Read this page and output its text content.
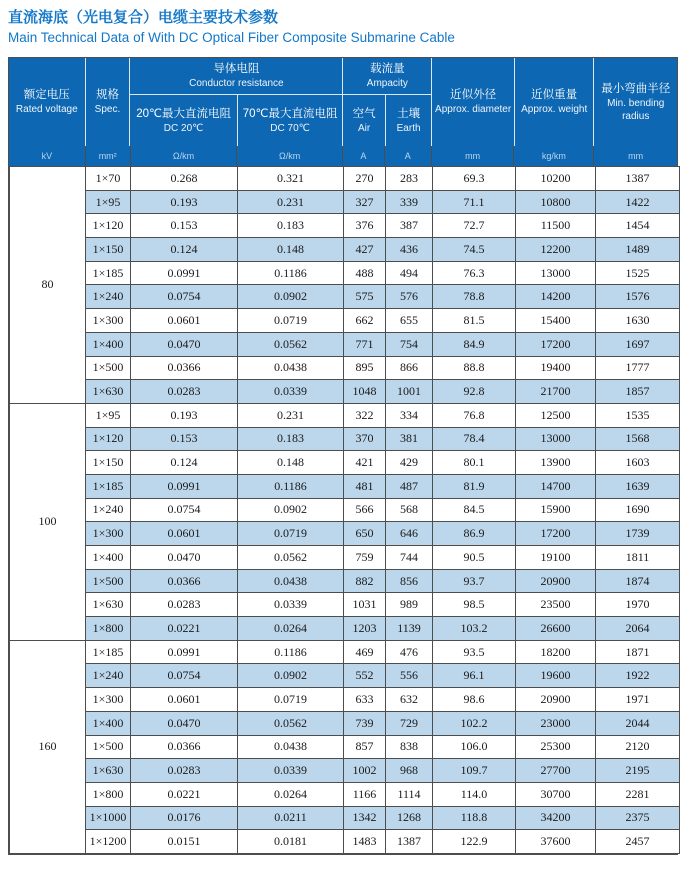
直流海底（光电复合）电缆主要技术参数
Main Technical Data of With DC Optical Fiber Composite Submarine Cable
额定电压
Rated voltage
规格
Spec.
导体电阻
Conductor resistance
20℃最大直流电阻
DC 20℃
70℃最大直流电阻
DC 70℃
载流量
Ampacity
空气
Air
土壤
Earth
近似外径
Approx. diameter
近似重量
Approx. weight
最小弯曲半径
Min. bending radius
kV	mm²	Ω/km	Ω/km	A	A	mm	kg/km	mm
80	1×70	0.268	0.321	270	283	69.3	10200	1387
	1×95	0.193	0.231	327	339	71.1	10800	1422
	1×120	0.153	0.183	376	387	72.7	11500	1454
	1×150	0.124	0.148	427	436	74.5	12200	1489
	1×185	0.0991	0.1186	488	494	76.3	13000	1525
	1×240	0.0754	0.0902	575	576	78.8	14200	1576
	1×300	0.0601	0.0719	662	655	81.5	15400	1630
	1×400	0.0470	0.0562	771	754	84.9	17200	1697
	1×500	0.0366	0.0438	895	866	88.8	19400	1777
	1×630	0.0283	0.0339	1048	1001	92.8	21700	1857
100	1×95	0.193	0.231	322	334	76.8	12500	1535
	1×120	0.153	0.183	370	381	78.4	13000	1568
	1×150	0.124	0.148	421	429	80.1	13900	1603
	1×185	0.0991	0.1186	481	487	81.9	14700	1639
	1×240	0.0754	0.0902	566	568	84.5	15900	1690
	1×300	0.0601	0.0719	650	646	86.9	17200	1739
	1×400	0.0470	0.0562	759	744	90.5	19100	1811
	1×500	0.0366	0.0438	882	856	93.7	20900	1874
	1×630	0.0283	0.0339	1031	989	98.5	23500	1970
	1×800	0.0221	0.0264	1203	1139	103.2	26600	2064
160	1×185	0.0991	0.1186	469	476	93.5	18200	1871
	1×240	0.0754	0.0902	552	556	96.1	19600	1922
	1×300	0.0601	0.0719	633	632	98.6	20900	1971
	1×400	0.0470	0.0562	739	729	102.2	23000	2044
	1×500	0.0366	0.0438	857	838	106.0	25300	2120
	1×630	0.0283	0.0339	1002	968	109.7	27700	2195
	1×800	0.0221	0.0264	1166	1114	114.0	30700	2281
	1×1000	0.0176	0.0211	1342	1268	118.8	34200	2375
	1×1200	0.0151	0.0181	1483	1387	122.9	37600	2457
